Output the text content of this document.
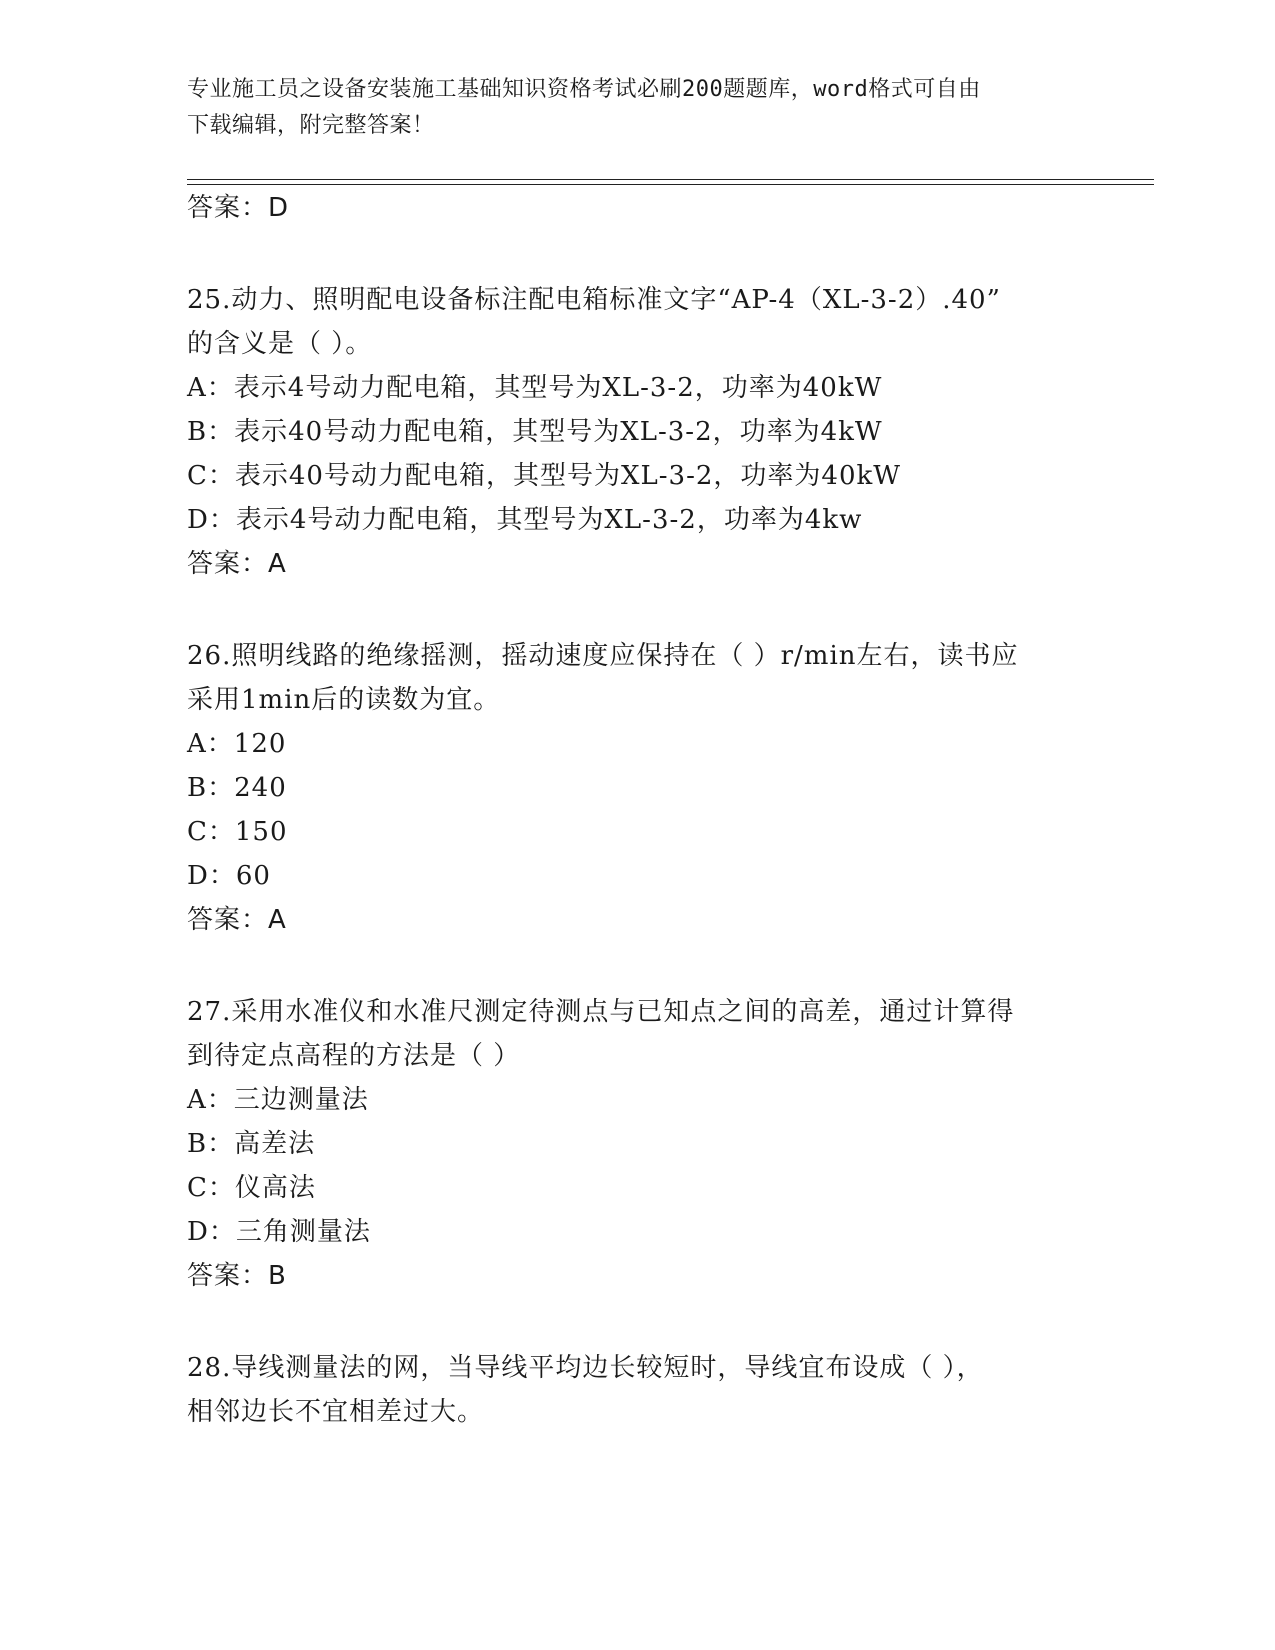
专业施工员之设备安装施工基础知识资格考试必刷200题题库，word格式可自由
下载编辑，附完整答案！
答案：D
25.动力、照明配电设备标注配电箱标准文字“AP-4（XL-3-2）.40”
的含义是（ ）。
A：表示4号动力配电箱，其型号为XL-3-2，功率为40kW
B：表示40号动力配电箱，其型号为XL-3-2，功率为4kW
C：表示40号动力配电箱，其型号为XL-3-2，功率为40kW
D：表示4号动力配电箱，其型号为XL-3-2，功率为4kw
答案：A
26.照明线路的绝缘摇测，摇动速度应保持在（ ）r/min左右，读书应
采用1min后的读数为宜。
A：120
B：240
C：150
D：60
答案：A
27.采用水准仪和水准尺测定待测点与已知点之间的高差，通过计算得
到待定点高程的方法是（ ）
A：三边测量法
B：高差法
C：仪高法
D：三角测量法
答案：B
28.导线测量法的网，当导线平均边长较短时，导线宜布设成（ ），
相邻边长不宜相差过大。
